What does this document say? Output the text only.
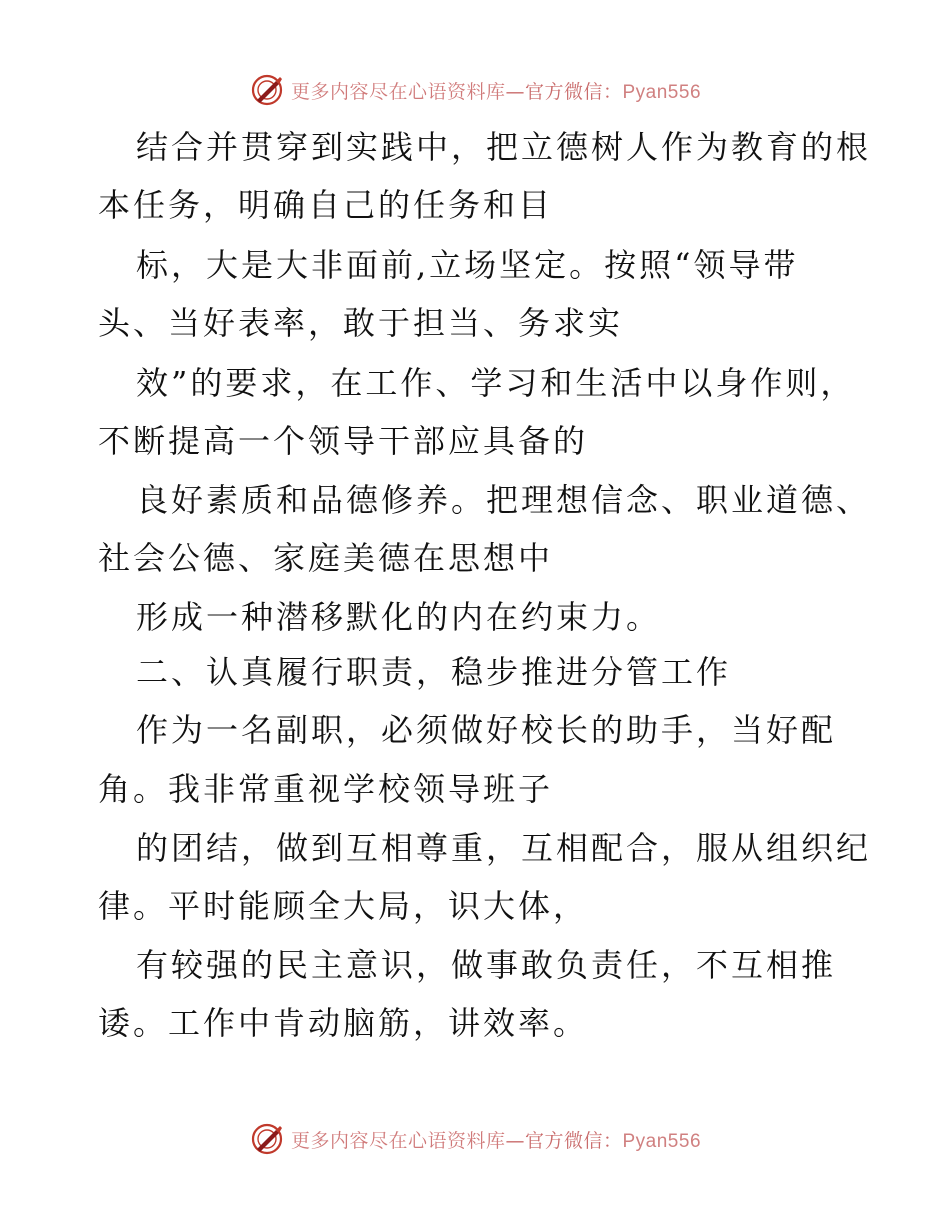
更多内容尽在心语资料库—官方微信：Pyan556
结合并贯穿到实践中，把立德树人作为教育的根
本任务，明确自己的任务和目
标，大是大非面前,立场坚定。按照“领导带
头、当好表率，敢于担当、务求实
效”的要求，在工作、学习和生活中以身作则，
不断提高一个领导干部应具备的
良好素质和品德修养。把理想信念、职业道德、
社会公德、家庭美德在思想中
形成一种潜移默化的内在约束力。
二、认真履行职责，稳步推进分管工作
作为一名副职，必须做好校长的助手，当好配
角。我非常重视学校领导班子
的团结，做到互相尊重，互相配合，服从组织纪
律。平时能顾全大局，识大体，
有较强的民主意识，做事敢负责任，不互相推
诿。工作中肯动脑筋，讲效率。
更多内容尽在心语资料库—官方微信：Pyan556
